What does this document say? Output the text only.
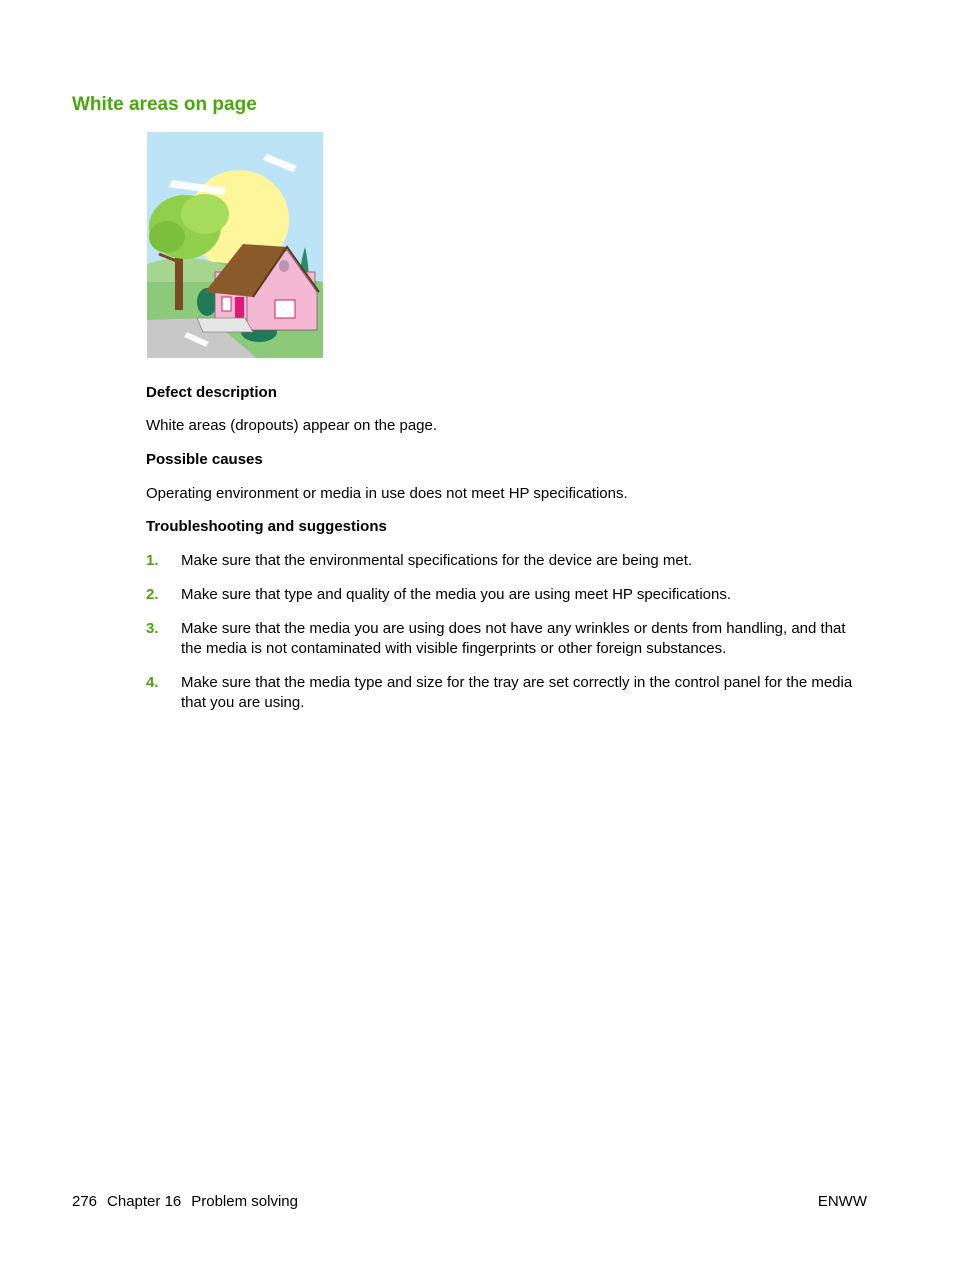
White areas on page

Defect description

White areas (dropouts) appear on the page.

Possible causes

Operating environment or media in use does not meet HP specifications.

Troubleshooting and suggestions

1. Make sure that the environmental specifications for the device are being met.
2. Make sure that type and quality of the media you are using meet HP specifications.
3. Make sure that the media you are using does not have any wrinkles or dents from handling, and that the media is not contaminated with visible fingerprints or other foreign substances.
4. Make sure that the media type and size for the tray are set correctly in the control panel for the media that you are using.
276 Chapter 16 Problem solving	ENWW
